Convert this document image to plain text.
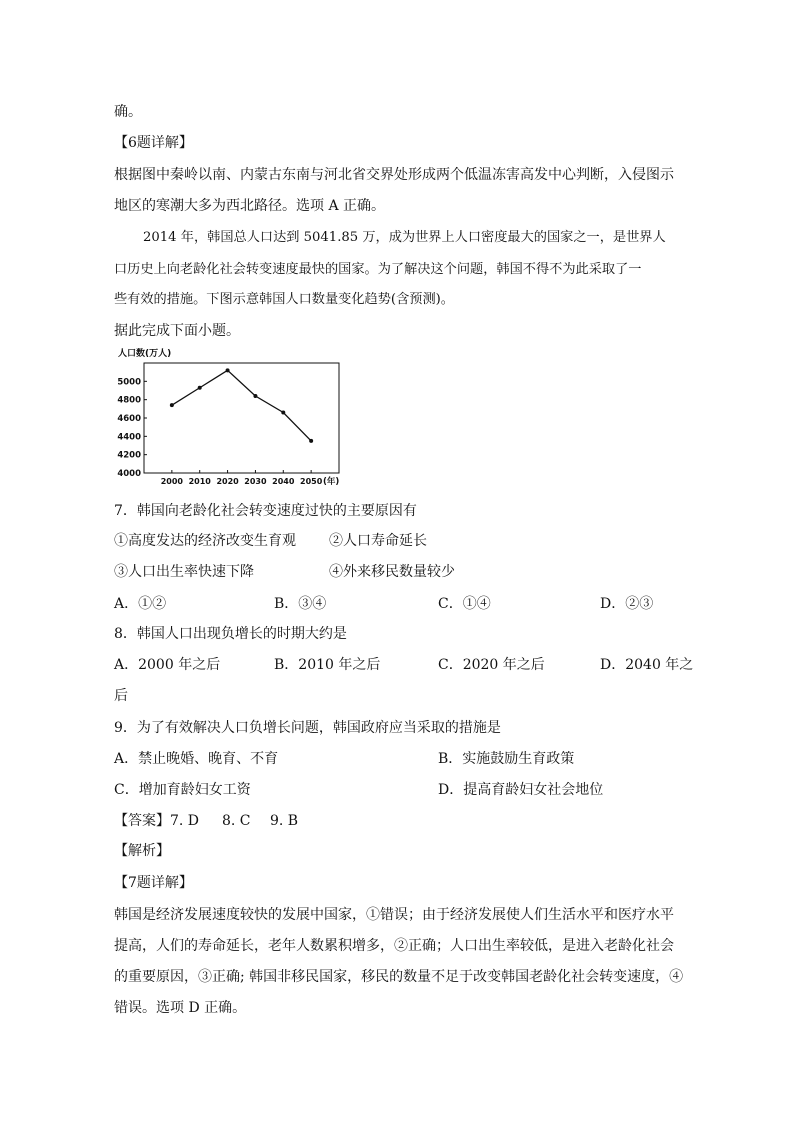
确。
【6题详解】
根据图中秦岭以南、内蒙古东南与河北省交界处形成两个低温冻害高发中心判断，入侵图示
地区的寒潮大多为西北路径。选项 A 正确。
2014 年，韩国总人口达到 5041.85 万，成为世界上人口密度最大的国家之一，是世界人
口历史上向老龄化社会转变速度最快的国家。为了解决这个问题，韩国不得不为此采取了一
些有效的措施。下图示意韩国人口数量变化趋势(含预测)。
据此完成下面小题。
人口数(万人)
5000
4800
4600
4400
4200
4000
2000 2010 2020 2030 2040 2050 (年)
7．韩国向老龄化社会转变速度过快的主要原因有
①高度发达的经济改变生育观 ②人口寿命延长
③人口出生率快速下降	④外来移民数量较少
A．①②	B．③④	C．①④	D．②③
8．韩国人口出现负增长的时期大约是
A．2000 年之后	B．2010 年之后	C．2020 年之后	D．2040 年之
后
9．为了有效解决人口负增长问题，韩国政府应当采取的措施是
A．禁止晚婚、晚育、不育	B．实施鼓励生育政策
C．增加育龄妇女工资	D．提高育龄妇女社会地位
【答案】 7. D 8. C 9. B
【解析】
【7题详解】
韩国是经济发展速度较快的发展中国家，①错误；由于经济发展使人们生活水平和医疗水平
提高，人们的寿命延长，老年人数累积增多，②正确；人口出生率较低，是进入老龄化社会
的重要原因，③正确; 韩国非移民国家，移民的数量不足于改变韩国老龄化社会转变速度，④
错误。选项 D 正确。
